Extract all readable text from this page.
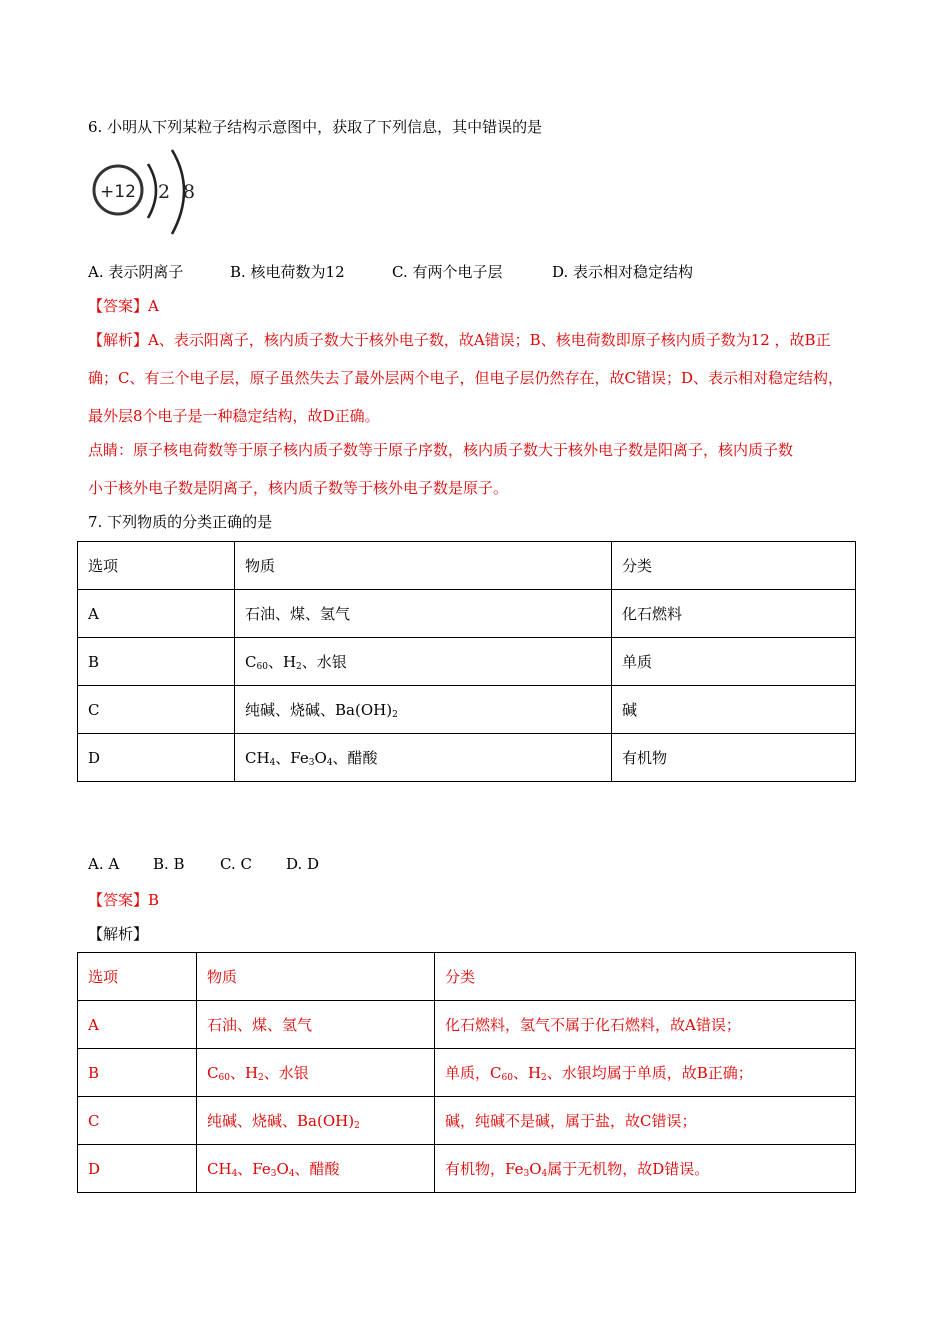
6. 小明从下列某粒子结构示意图中，获取了下列信息，其中错误的是
+12 2 8
A. 表示阴离子	B. 核电荷数为12	C. 有两个电子层	D. 表示相对稳定结构
【答案】A
【解析】A、表示阳离子，核内质子数大于核外电子数，故A错误；B、核电荷数即原子核内质子数为12 ，故B正
确；C、有三个电子层，原子虽然失去了最外层两个电子，但电子层仍然存在，故C错误；D、表示相对稳定结构，
最外层8个电子是一种稳定结构，故D正确。
点睛：原子核电荷数等于原子核内质子数等于原子序数，核内质子数大于核外电子数是阳离子，核内质子数
小于核外电子数是阴离子，核内质子数等于核外电子数是原子。
7. 下列物质的分类正确的是
选项	物质	分类
A	石油、煤、氢气	化石燃料
B	$C_{60}$、$H_2$、水银	单质
C	纯碱、烧碱、$Ba(OH)_2$	碱
D	$CH_4$、$Fe_3O_4$、醋酸	有机物
A. A B. B C. C D. D
【答案】B
【解析】
选项	物质	分类
A	石油、煤、氢气	化石燃料，氢气不属于化石燃料，故A错误；
B	$C_{60}$、$H_2$、水银	单质，$C_{60}$、$H_2$、水银均属于单质，故B正确；
C	纯碱、烧碱、$Ba(OH)_2$	碱，纯碱不是碱，属于盐，故C错误；
D	$CH_4$、$Fe_3O_4$、醋酸	有机物，$Fe_3O_4$属于无机物，故D错误。
